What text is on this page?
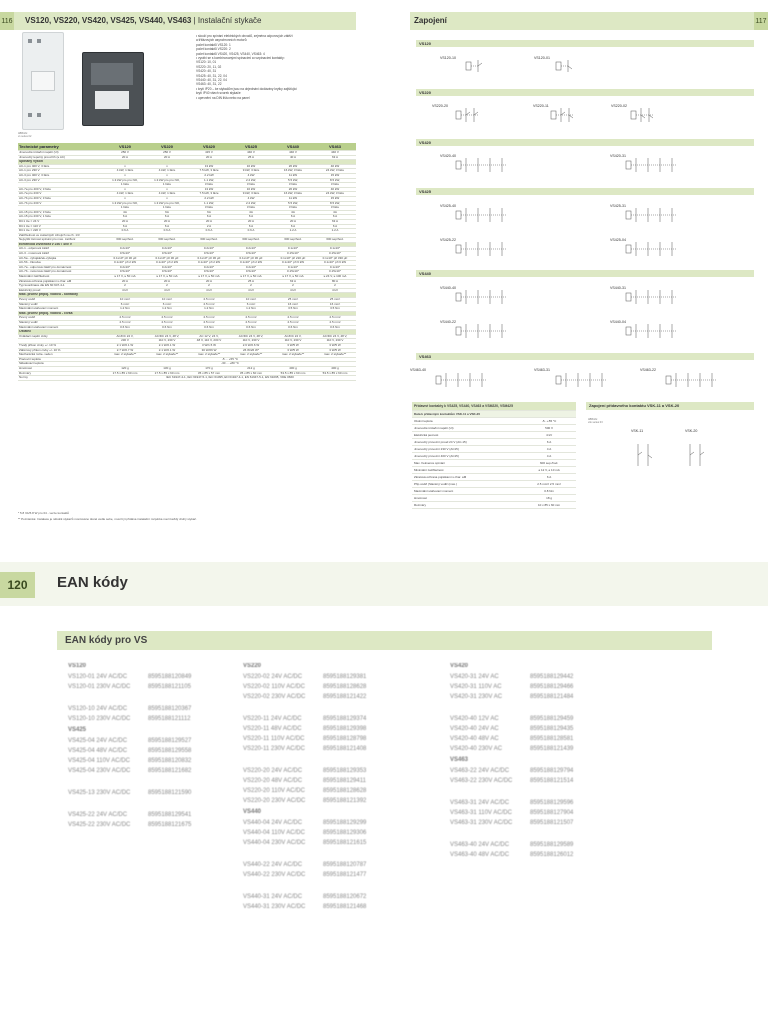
116 VS120, VS220, VS420, VS425, VS440, VS463 | Instalační stykače
ABB/obr.
vs series 02
• slouží pro spínání elektrických obvodů, zejména odporových zátěží
a třífázových asynchronních motorů
počet kontaktů VS120: 1
počet kontaktů VS220: 2
počet kontaktů VS420, VS425, VS440, VS463: 4
• vyrábí se s kombinovanými spínacími a rozpínacími kontakty:
VS120: 10, 01
VS220: 20, 11, 02
VS420: 40, 31
VS425: 40, 31, 22, 04
VS440: 40, 31, 22, 04
VS463: 40, 31, 22
• krytí IP20 – ke stykačům jsou na objednání dodávány krytky zajišťující
krytí IP40 všech svorek stykače
• upevnění na DIN lištu nebo na panel
Technické parametry	VS120	VS220	VS420	VS425	VS440	VS463
Jmenovité izolační napětí (Ui)	250 V	250 V	415 V	440 V	440 V	440 V
Jmenovitý tepelný proud Ith (≤ AC)	20 A	20 A	20 A	25 A	40 A	63 A
Spínaný výkon						
AC-1 pro 400 V, 3 fáze	x	x	13 kW	16 kW	26 kW	40 kW
AC-1 pro 230 V	4 kW, 1 fáze	4 kW, 1 fáze	7.5 kW, 3 fáze	9 kW, 3 fáze	16 kW, 3 fáze	24 kW, 3 fáze
AC-3 pro 400 V, 3 fáze	x	x	2.2 kW	4 kW	11 kW	15 kW
AC-3 pro 230 V	1.3 kW pro pro NO,	1.3 kW pro pro NO,	1.1 kW,	2.2 kW,	5.5 kW,	8.5 kW,
	1 fáze	1 fáze	3 fáze	3 fáze	3 fáze	3 fáze
AC-7a pro 400 V, 3 fáze	x	x	13 kW	16 kW	26 kW	40 kW
AC-7a pro 230 V	4 kW, 1 fáze	4 kW, 1 fáze	7.5 kW, 3 fáze	9 kW, 3 fáze	16 kW, 3 fáze	24 kW, 3 fáze
AC-7b pro 400 V, 3 fáze	x	x	2.2 kW	4 kW	11 kW	15 kW
AC-7b pro 230 V	1.3 kW pro pro NO,	1.3 kW pro pro NO,	1.1 kW,	2.2 kW,	5.5 kW,	8.5 kW,
	1 fáze	1 fáze	3 fáze	3 fáze	3 fáze	3 fáze
AC-15 pro 400 V, 3 fáze	4A	6A	6A	4A	4A	4A
AC-15 pro 230 V, 1 fáze	6 A	6 A	6 A	6 A	6 A	6 A
DC1 Ue = 24 V	20 A	20 A	20 A	20 A	20 A	63 A
DC1 Ue = 110 V	6 A	6 A	2 A	6 A	6 A	6 A
DC1 Ue = 220 V	0.6 A	0.6 A	0.6 A	0.6 A	1.2 A	1.2 A
Zatížitelnost ve světelných zdrojích na ch. 1/3						
Nejvyšší četnost spínání pro max. zatížení	600 sep/hod.	600 sep/hod.	600 sep/hod.	600 sep/hod.	600 sep/hod.	600 sep/hod.
Elektrická životnost v 230 / 400 V						
AC-1 - odporová zátěž	0.2x10⁶	0.2x10⁶	0.2x10⁶	0.2x10⁶	0.1x10⁶	0.1x10⁶
AC-3 - motorová zátěž	0.5x10⁶	0.5x10⁶	0.5x10⁶	0.5x10⁶	0.15x10⁶	0.15x10⁶
AC-5a - výbojkáček-výbojka	0.1x10⁶ při 30 μF	0.1x10⁶ při 30 μF	0.1x10⁶ při 36 μF	0.1x10⁶ při 36 μF	0.1x10⁶ při 220 μF	0.1x10⁶ při 330 μF
AC-5b - žárovka	0.1x10⁶ při 2 kW	0.1x10⁶ při 2 kW	0.1x10⁶ při 2 kW	0.1x10⁶ při 2 kW	0.1x10⁶ při 6 kW	0.1x10⁶ při 6 kW
AC-7a - odporová zátěž pro domácnost	0.2x10⁶	0.2x10⁶	0.2x10⁶	0.2x10⁶	0.1x10⁶	0.1x10⁶
AC-7b - motorová zátěž pro domácnost	0.5x10⁶	0.5x10⁶	0.5x10⁶	0.5x10⁶	0.15x10⁶	0.15x10⁶
Maximální zatížitelnost	≤ 17 V, ≤ 50 mA	≤ 17 V, ≤ 50 mA	≤ 17 V, ≤ 50 mA	≤ 17 V, ≤ 50 mA	≤ 17 V, ≤ 50 mA	≤ 24 V, ≤ 100 mA
Zkratová ochrana pojistkami s char. aM	20 A	20 A	20 A	25 A	63 A	80 A
Typ koordinace dle EN 60 947-4-1	2	2	2	2	2	2
Elektrický proud	4 kV	4 kV	4 kV	4 kV	4 kV	4 kV
Max. průřez připoj. vodičů - kontakty						
Pevný vodič	10 mm²	10 mm²	2.5 mm²	10 mm²	25 mm²	25 mm²
Slaněný vodič	6 mm²	6 mm²	2.5 mm²	6 mm²	16 mm²	16 mm²
Maximální utahovací moment	1.2 Nm	1.2 Nm	1.2 Nm	1.2 Nm	3.5 Nm	3.5 Nm
Max. průřez připoj. vodičů - cívka						
Pevný vodič	2.5 mm²	2.5 mm²	2.5 mm²	2.5 mm²	2.5 mm²	2.5 mm²
Slaněný vodič	2.5 mm²	2.5 mm²	2.5 mm²	2.5 mm²	2.5 mm²	2.5 mm²
Maximální utahovací moment	0.6 Nm	0.6 Nm	0.6 Nm	0.6 Nm	0.6 Nm	0.6 Nm
Ostatní						
Ovládací napětí cívky	AC/DC 24 V,	AC/DC 24 V, 48 V,	AC 12 V, 24 V,	AC/DC 24 V, 48 V,	AC/DC 24 V,	AC/DC 24 V, 48 V,
	230 V	110 V, 230 V	48 V, 110 V, 230 V	110 V, 230 V	110 V, 230 V	110 V, 230 V
Trvalý příkon cívky +/- 10 %	2.1 W/2.1 W	2.1 W/2.1 W	3 W/1.5 W	2.6 W/2.6 W	3 W/5 W	3 W/5 W
Záběrový příkon cívky +/- 10 %	2.7 W/2.7 W	2.1 W/2.1 W	30 W/26 W	26 W/26 W*	3 W/5 W	3 W/5 W
Mechanická rozte- veden	max. 2 stykače**	max. 2 stykače**	max. 2 stykače**	max. 2 stykače**	max. 2 stykače**	max. 2 stykače**
Pracovní teplota	-5 ... +55 °C					
Skladovací teplota	-30 ... +80 °C					
Hmotnost	120 g	130 g	170 g	212 g	400 g	400 g
Rozměry	17.5 x 85 x 60 mm	17.5 x 85 x 60 mm	35 x 85 x 57 mm	35 x 85 x 60 mm	53.5 x 85 x 60 mm	53.5 x 85 x 60 mm
Normy	IEC 61947-4-1, IEC 61947-5-1, IEC 61095, EN 61947-4-1, EN 61947-5-1, EN 61095, VDE 0660					
* 5.8 VA/5.8 W pro 04 - verze kontaktů
** Poznámka: Instalace je několik stykačů montováno těsně vedle sebe, musí být přidána instalační rozpěrka mezi každý druhý stykač.
Zapojení	117
VS120
VS220
VS420
VS425
VS440
VS463
VS120-10	VS120-01
VS220-20	VS220-11	VS220-02
VS420-40	VS420-31
VS425-40	VS425-31
VS425-22	VS425-04
VS440-40	VS440-31
VS440-22	VS440-04
VS463-40	VS463-31	VS463-22
Přídavné kontakty k VS425, VS440, VS463 a VSM220, VSM425	
Data k přídavným kontaktům VSK-11 a VSK-20	
Okolní teplota	-5...+55 °C
Jmenovité izolační napětí (Ui)	500 V
Elektrická pevnost	4 kV
Jmenovitý provozní proud 24 V (AC-15)	6 A
Jmenovitý provozní 230 V (AC15)	4 A
Jmenovitý provozní 400 V (AC15)	4 A
Max. frekvence spínání	600 sep./hod.
Minimální zatížitelnost	≥ 12 V, ≥ 10 mA
Zkratová ochrana pojistkami s char. aM	6 A
Přip.vodič (Slaněný vodič (max.)	2.5 mm²/ 2.5 mm²
Maximální utahovací moment	0.8 Nm
Hmotnost	18 g
Rozměry	10 x 85 x 60 mm
Zapojení přídavného kontaktu VSK-11 a VSK-20
ABB/obr.
vsk series 03
VSK-11	VSK-20
120 EAN kódy
EAN kódy pro VS
VS120
VS120-01 24V AC/DC	8595188120849
VS120-01 230V AC/DC	8595188121105
VS120-10 24V AC/DC	8595188120367
VS120-10 230V AC/DC	8595188121112
VS425
VS425-04 24V AC/DC	8595188129527
VS425-04 48V AC/DC	8595188129558
VS425-04 110V AC/DC	8595188120832
VS425-04 230V AC/DC	8595188121682
VS425-13 230V AC/DC	8595188121590
VS425-22 24V AC/DC	8595188129541
VS425-22 230V AC/DC	8595188121675
VS220
VS220-02 24V AC/DC	8595188129381
VS220-02 110V AC/DC	8595188128628
VS220-02 230V AC/DC	8595188121422
VS220-11 24V AC/DC	8595188129374
VS220-11 48V AC/DC	8595188129398
VS220-11 110V AC/DC	8595188128798
VS220-11 230V AC/DC	8595188121408
VS220-20 24V AC/DC	8595188129353
VS220-20 48V AC/DC	8595188129411
VS220-20 110V AC/DC	8595188128628
VS220-20 230V AC/DC	8595188121392
VS440
VS440-04 24V AC/DC	8595188129299
VS440-04 110V AC/DC	8595188129306
VS440-04 230V AC/DC	8595188121615
VS440-22 24V AC/DC	8595188120787
VS440-22 230V AC/DC	8595188121477
VS440-31 24V AC/DC	8595188120672
VS440-31 230V AC/DC	8595188121468
VS420
VS420-31 24V AC	8595188129442
VS420-31 110V AC	8595188129466
VS420-31 230V AC	8595188121484
VS420-40 12V AC	8595188129459
VS420-40 24V AC	8595188129435
VS420-40 48V AC	8595188128581
VS420-40 230V AC	8595188121439
VS463
VS463-22 24V AC/DC	8595188129794
VS463-22 230V AC/DC	8595188121514
VS463-31 24V AC/DC	8595188129596
VS463-31 110V AC/DC	8595188127904
VS463-31 230V AC/DC	8595188121507
VS463-40 24V AC/DC	8595188129589
VS463-40 48V AC/DC	8595188126012
